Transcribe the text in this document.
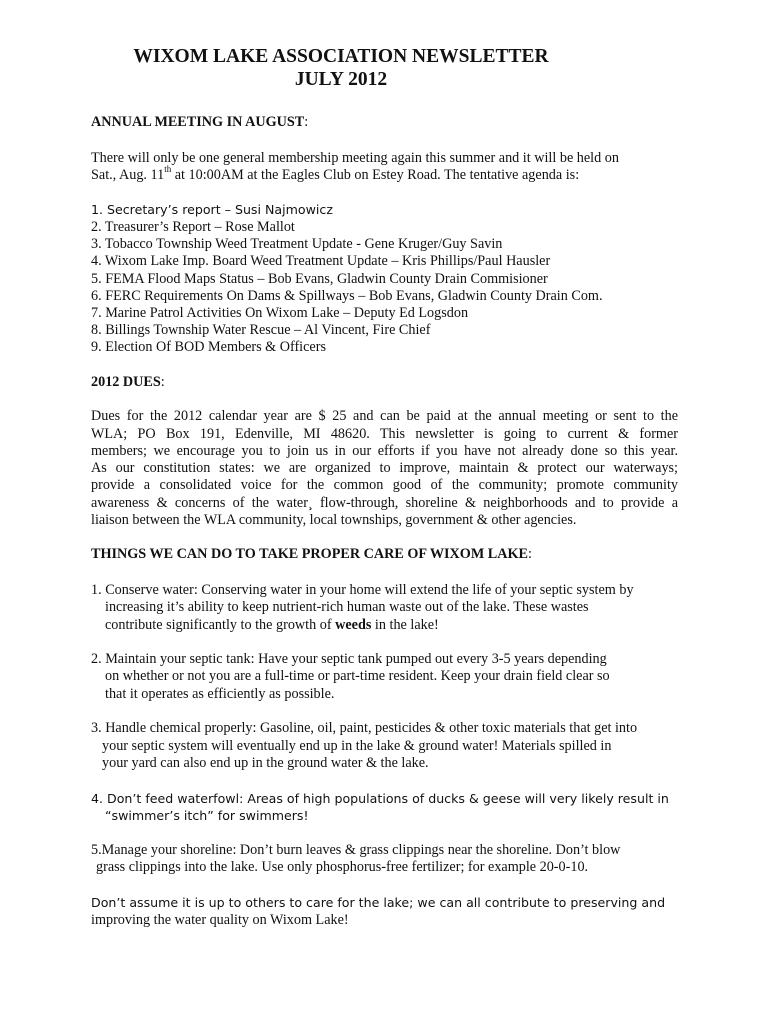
WIXOM LAKE ASSOCIATION NEWSLETTER
JULY 2012
ANNUAL MEETING IN AUGUST:
There will only be one general membership meeting again this summer and it will be held on
Sat., Aug. 11th at 10:00AM at the Eagles Club on Estey Road. The tentative agenda is:
1. Secretary’s report – Susi Najmowicz
2. Treasurer’s Report – Rose Mallot
3. Tobacco Township Weed Treatment Update - Gene Kruger/Guy Savin
4. Wixom Lake Imp. Board Weed Treatment Update – Kris Phillips/Paul Hausler
5. FEMA Flood Maps Status – Bob Evans, Gladwin County Drain Commisioner
6. FERC Requirements On Dams & Spillways – Bob Evans, Gladwin County Drain Com.
7. Marine Patrol Activities On Wixom Lake – Deputy Ed Logsdon
8. Billings Township Water Rescue – Al Vincent, Fire Chief
9. Election Of BOD Members & Officers
2012 DUES:
Dues for the 2012 calendar year are $ 25 and can be paid at the annual meeting or sent to the
WLA; PO Box 191, Edenville, MI 48620. This newsletter is going to current & former
members; we encourage you to join us in our efforts if you have not already done so this year.
As our constitution states: we are organized to improve, maintain & protect our waterways;
provide a consolidated voice for the common good of the community; promote community
awareness & concerns of the water¸ flow-through, shoreline & neighborhoods and to provide a
liaison between the WLA community, local townships, government & other agencies.
THINGS WE CAN DO TO TAKE PROPER CARE OF WIXOM LAKE:
1. Conserve water: Conserving water in your home will extend the life of your septic system by
increasing it’s ability to keep nutrient-rich human waste out of the lake. These wastes
contribute significantly to the growth of weeds in the lake!
2. Maintain your septic tank: Have your septic tank pumped out every 3-5 years depending
on whether or not you are a full-time or part-time resident. Keep your drain field clear so
that it operates as efficiently as possible.
3. Handle chemical properly: Gasoline, oil, paint, pesticides & other toxic materials that get into
your septic system will eventually end up in the lake & ground water! Materials spilled in
your yard can also end up in the ground water & the lake.
4. Don’t feed waterfowl: Areas of high populations of ducks & geese will very likely result in
“swimmer’s itch” for swimmers!
5.Manage your shoreline: Don’t burn leaves & grass clippings near the shoreline. Don’t blow
grass clippings into the lake. Use only phosphorus-free fertilizer; for example 20-0-10.
Don’t assume it is up to others to care for the lake; we can all contribute to preserving and
improving the water quality on Wixom Lake!
